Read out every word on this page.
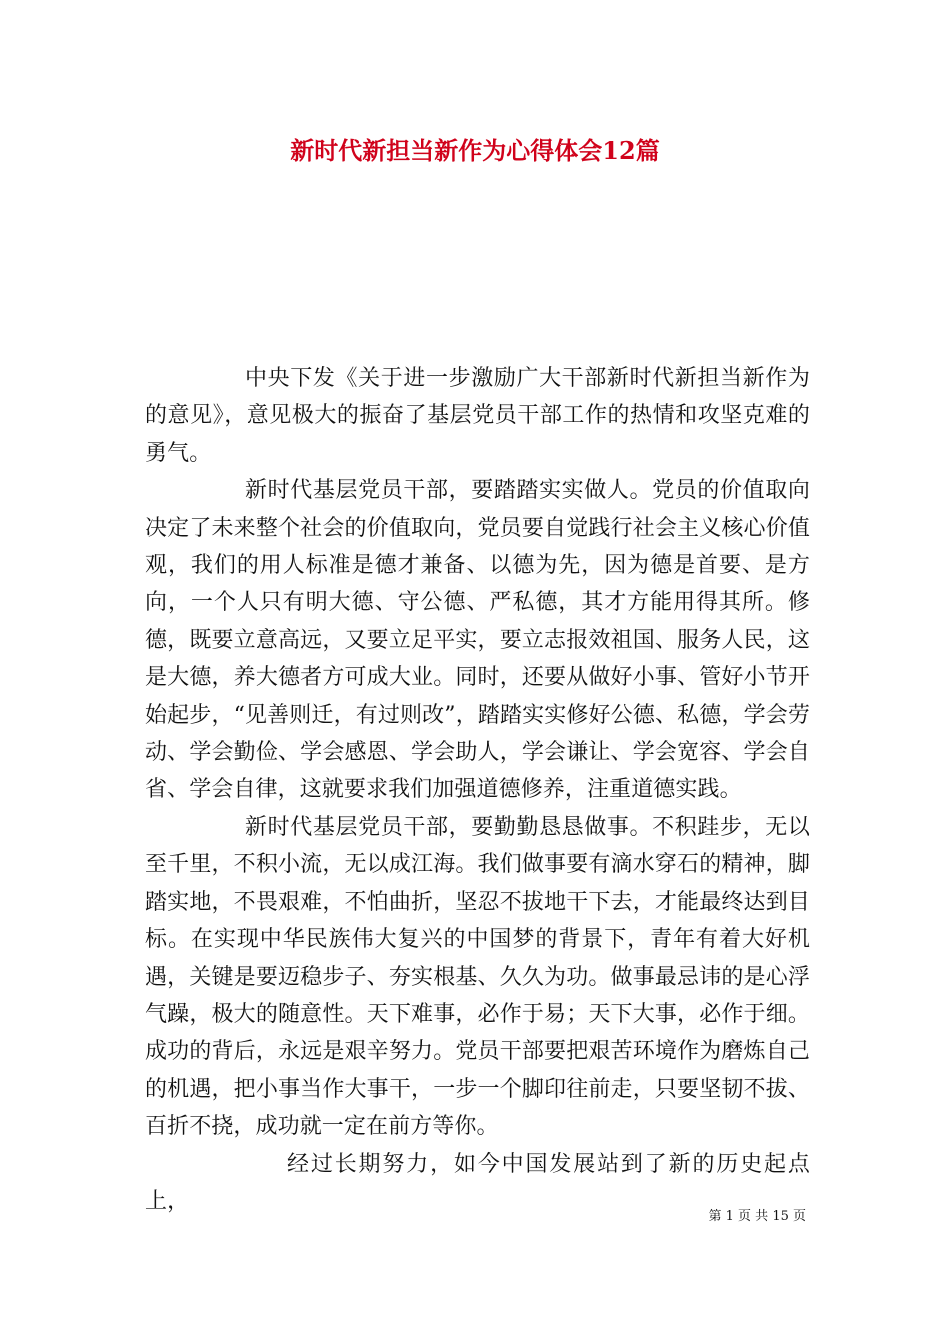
新时代新担当新作为心得体会12篇

中央下发《关于进一步激励广大干部新时代新担当新作为的意见》，意见极大的振奋了基层党员干部工作的热情和攻坚克难的勇气。

新时代基层党员干部，要踏踏实实做人。党员的价值取向决定了未来整个社会的价值取向，党员要自觉践行社会主义核心价值观，我们的用人标准是德才兼备、以德为先，因为德是首要、是方向，一个人只有明大德、守公德、严私德，其才方能用得其所。修德，既要立意高远，又要立足平实，要立志报效祖国、服务人民，这是大德，养大德者方可成大业。同时，还要从做好小事、管好小节开始起步，“见善则迁，有过则改”，踏踏实实修好公德、私德，学会劳动、学会勤俭、学会感恩、学会助人，学会谦让、学会宽容、学会自省、学会自律，这就要求我们加强道德修养，注重道德实践。

新时代基层党员干部，要勤勤恳恳做事。不积跬步，无以至千里，不积小流，无以成江海。我们做事要有滴水穿石的精神，脚踏实地，不畏艰难，不怕曲折，坚忍不拔地干下去，才能最终达到目标。在实现中华民族伟大复兴的中国梦的背景下，青年有着大好机遇，关键是要迈稳步子、夯实根基、久久为功。做事最忌讳的是心浮气躁，极大的随意性。天下难事，必作于易；天下大事，必作于细。成功的背后，永远是艰辛努力。党员干部要把艰苦环境作为磨炼自己的机遇，把小事当作大事干，一步一个脚印往前走，只要坚韧不拔、百折不挠，成功就一定在前方等你。

经过长期努力，如今中国发展站到了新的历史起点上，

第 1 页 共 15 页
